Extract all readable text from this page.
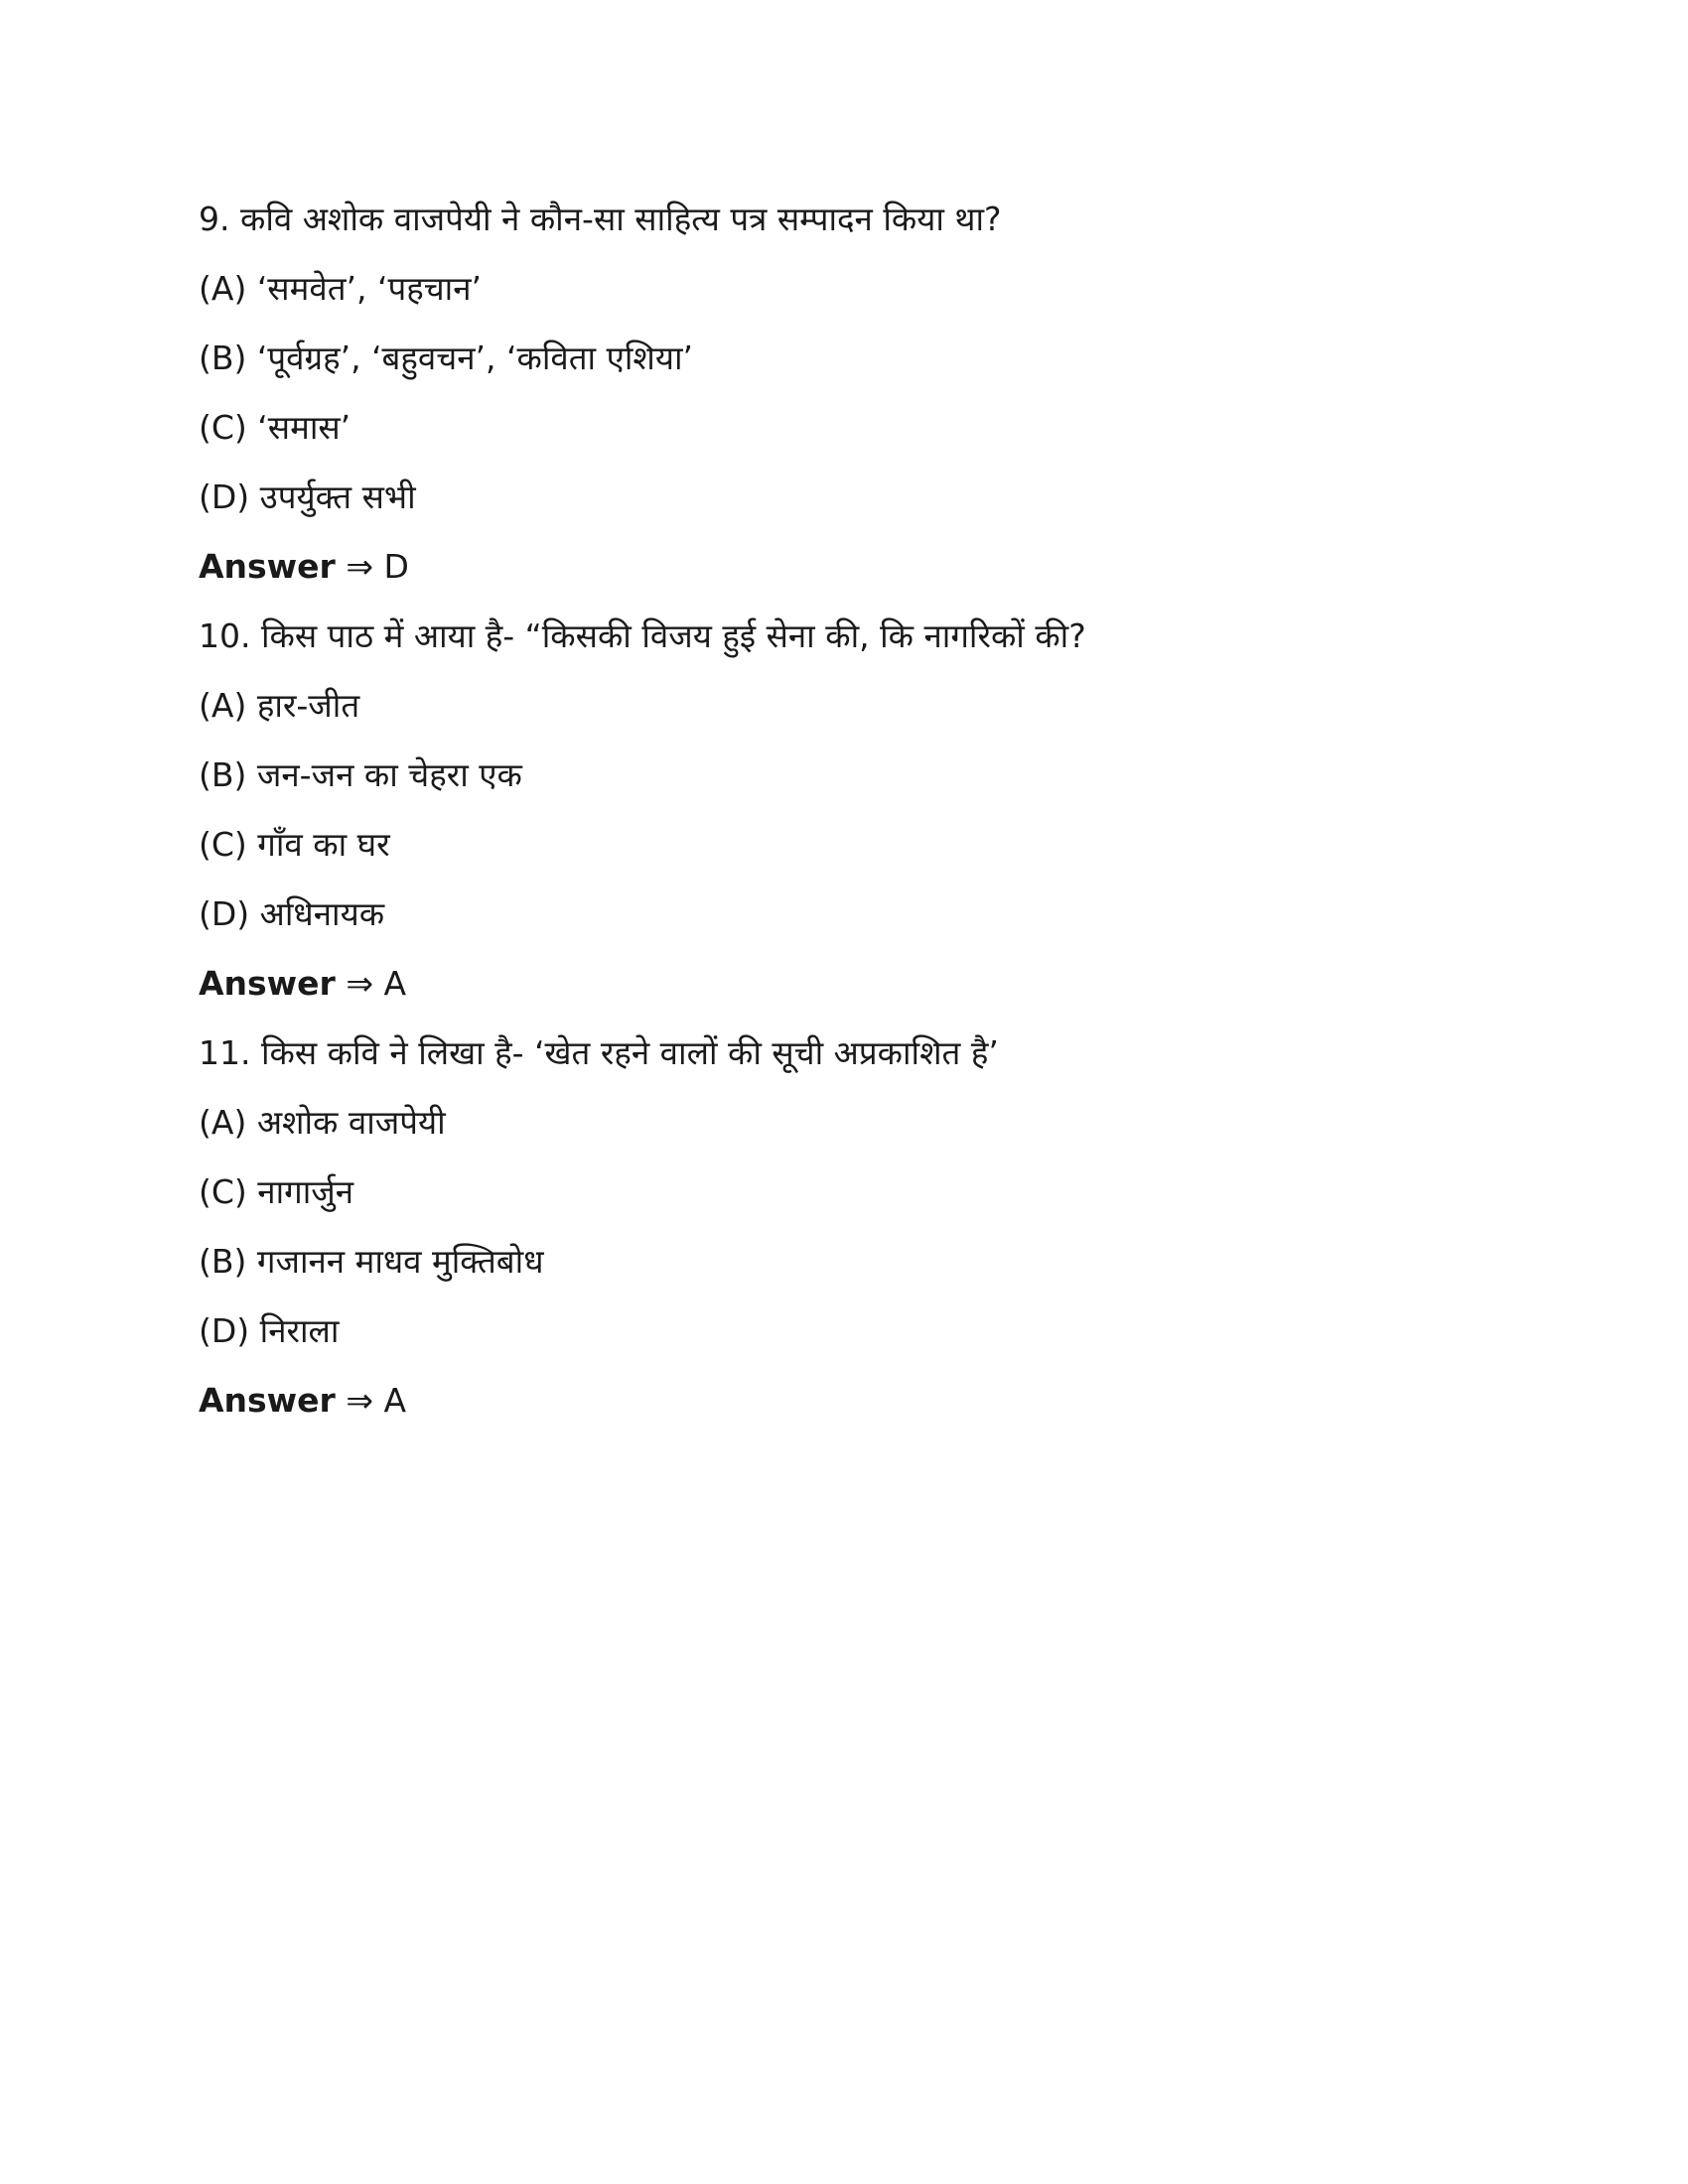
9. कवि अशोक वाजपेयी ने कौन-सा साहित्य पत्र सम्पादन किया था?
(A) ‘समवेत’, ‘पहचान’
(B) ‘पूर्वग्रह’, ‘बहुवचन’, ‘कविता एशिया’
(C) ‘समास’
(D) उपर्युक्त सभी
Answer ⇒ D
10. किस पाठ में आया है- “किसकी विजय हुई सेना की, कि नागरिकों की?
(A) हार-जीत
(B) जन-जन का चेहरा एक
(C) गाँव का घर
(D) अधिनायक
Answer ⇒ A
11. किस कवि ने लिखा है- ‘खेत रहने वालों की सूची अप्रकाशित है’
(A) अशोक वाजपेयी
(C) नागार्जुन
(B) गजानन माधव मुक्तिबोध
(D) निराला
Answer ⇒ A
